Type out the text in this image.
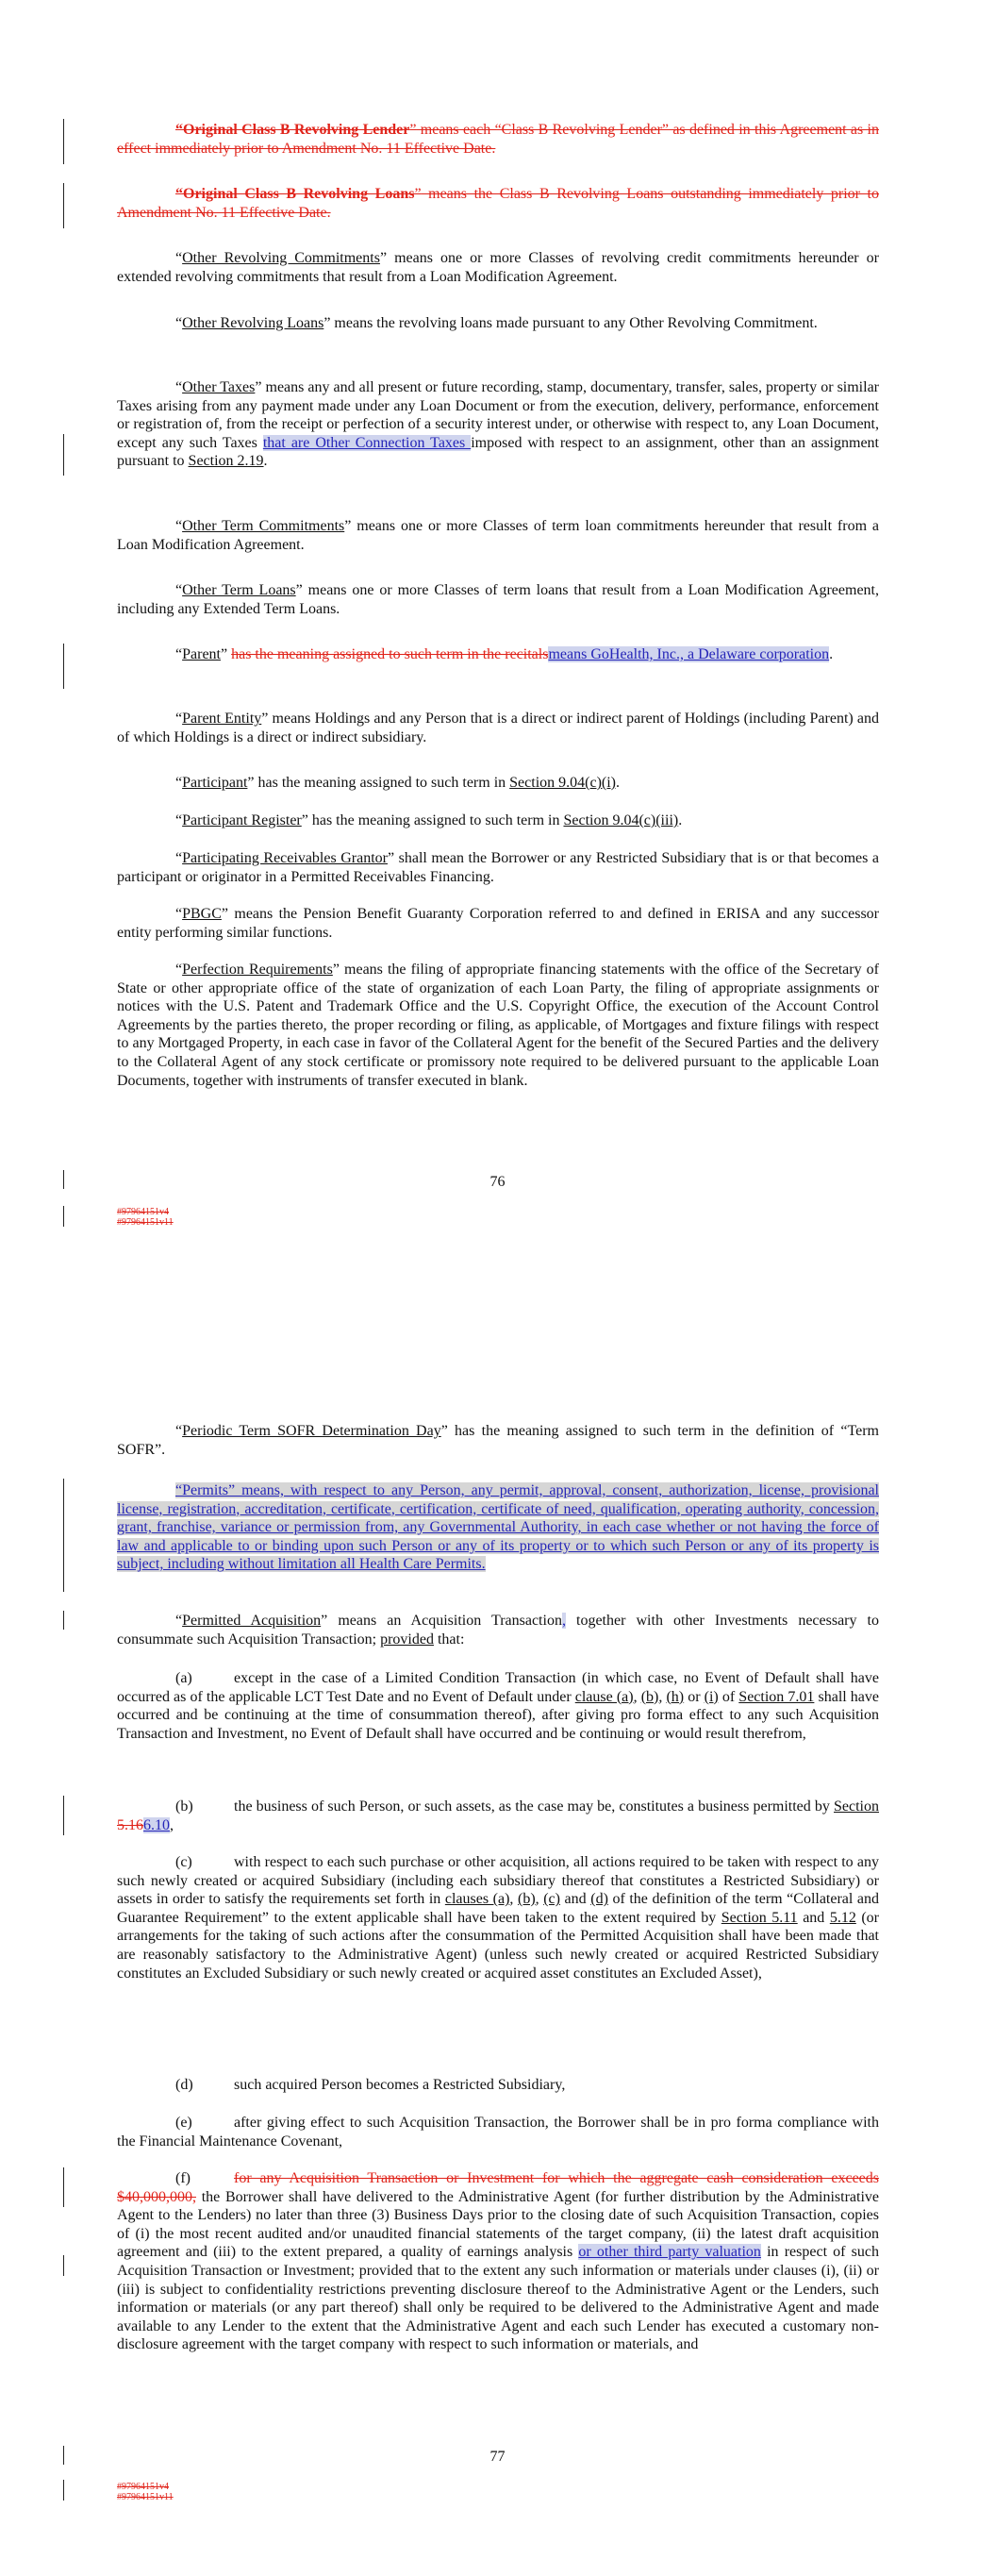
“Original Class B Revolving Lender” means each “Class B Revolving Lender” as defined in this Agreement as in effect immediately prior to Amendment No. 11 Effective Date.

“Original Class B Revolving Loans” means the Class B Revolving Loans outstanding immediately prior to Amendment No. 11 Effective Date.

“Other Revolving Commitments” means one or more Classes of revolving credit commitments hereunder or extended revolving commitments that result from a Loan Modification Agreement.

“Other Revolving Loans” means the revolving loans made pursuant to any Other Revolving Commitment.

“Other Taxes” means any and all present or future recording, stamp, documentary, transfer, sales, property or similar Taxes arising from any payment made under any Loan Document or from the execution, delivery, performance, enforcement or registration of, from the receipt or perfection of a security interest under, or otherwise with respect to, any Loan Document, except any such Taxes that are Other Connection Taxes imposed with respect to an assignment, other than an assignment pursuant to Section 2.19.

“Other Term Commitments” means one or more Classes of term loan commitments hereunder that result from a Loan Modification Agreement.

“Other Term Loans” means one or more Classes of term loans that result from a Loan Modification Agreement, including any Extended Term Loans.

“Parent” has the meaning assigned to such term in the recitalsmeans GoHealth, Inc., a Delaware corporation.

“Parent Entity” means Holdings and any Person that is a direct or indirect parent of Holdings (including Parent) and of which Holdings is a direct or indirect subsidiary.

“Participant” has the meaning assigned to such term in Section 9.04(c)(i).

“Participant Register” has the meaning assigned to such term in Section 9.04(c)(iii).

“Participating Receivables Grantor” shall mean the Borrower or any Restricted Subsidiary that is or that becomes a participant or originator in a Permitted Receivables Financing.

“PBGC” means the Pension Benefit Guaranty Corporation referred to and defined in ERISA and any successor entity performing similar functions.

“Perfection Requirements” means the filing of appropriate financing statements with the office of the Secretary of State or other appropriate office of the state of organization of each Loan Party, the filing of appropriate assignments or notices with the U.S. Patent and Trademark Office and the U.S. Copyright Office, the execution of the Account Control Agreements by the parties thereto, the proper recording or filing, as applicable, of Mortgages and fixture filings with respect to any Mortgaged Property, in each case in favor of the Collateral Agent for the benefit of the Secured Parties and the delivery to the Collateral Agent of any stock certificate or promissory note required to be delivered pursuant to the applicable Loan Documents, together with instruments of transfer executed in blank.

76
#97964151v4
#97964151v11

“Periodic Term SOFR Determination Day” has the meaning assigned to such term in the definition of “Term SOFR”.

“Permits” means, with respect to any Person, any permit, approval, consent, authorization, license, provisional license, registration, accreditation, certificate, certification, certificate of need, qualification, operating authority, concession, grant, franchise, variance or permission from, any Governmental Authority, in each case whether or not having the force of law and applicable to or binding upon such Person or any of its property or to which such Person or any of its property is subject, including without limitation all Health Care Permits.

“Permitted Acquisition” means an Acquisition Transaction, together with other Investments necessary to consummate such Acquisition Transaction; provided that:

(a)	except in the case of a Limited Condition Transaction (in which case, no Event of Default shall have occurred as of the applicable LCT Test Date and no Event of Default under clause (a), (b), (h) or (i) of Section 7.01 shall have occurred and be continuing at the time of consummation thereof), after giving pro forma effect to any such Acquisition Transaction and Investment, no Event of Default shall have occurred and be continuing or would result therefrom,

(b)	the business of such Person, or such assets, as the case may be, constitutes a business permitted by Section 5.166.10,

(c)	with respect to each such purchase or other acquisition, all actions required to be taken with respect to any such newly created or acquired Subsidiary (including each subsidiary thereof that constitutes a Restricted Subsidiary) or assets in order to satisfy the requirements set forth in clauses (a), (b), (c) and (d) of the definition of the term “Collateral and Guarantee Requirement” to the extent applicable shall have been taken to the extent required by Section 5.11 and 5.12 (or arrangements for the taking of such actions after the consummation of the Permitted Acquisition shall have been made that are reasonably satisfactory to the Administrative Agent) (unless such newly created or acquired Restricted Subsidiary constitutes an Excluded Subsidiary or such newly created or acquired asset constitutes an Excluded Asset),

(d)	such acquired Person becomes a Restricted Subsidiary,

(e)	after giving effect to such Acquisition Transaction, the Borrower shall be in pro forma compliance with the Financial Maintenance Covenant,

(f)	for any Acquisition Transaction or Investment for which the aggregate cash consideration exceeds $40,000,000, the Borrower shall have delivered to the Administrative Agent (for further distribution by the Administrative Agent to the Lenders) no later than three (3) Business Days prior to the closing date of such Acquisition Transaction, copies of (i) the most recent audited and/or unaudited financial statements of the target company, (ii) the latest draft acquisition agreement and (iii) to the extent prepared, a quality of earnings analysis or other third party valuation in respect of such Acquisition Transaction or Investment; provided that to the extent any such information or materials under clauses (i), (ii) or (iii) is subject to confidentiality restrictions preventing disclosure thereof to the Administrative Agent or the Lenders, such information or materials (or any part thereof) shall only be required to be delivered to the Administrative Agent and made available to any Lender to the extent that the Administrative Agent and each such Lender has executed a customary non-disclosure agreement with the target company with respect to such information or materials, and

77
#97964151v4
#97964151v11
